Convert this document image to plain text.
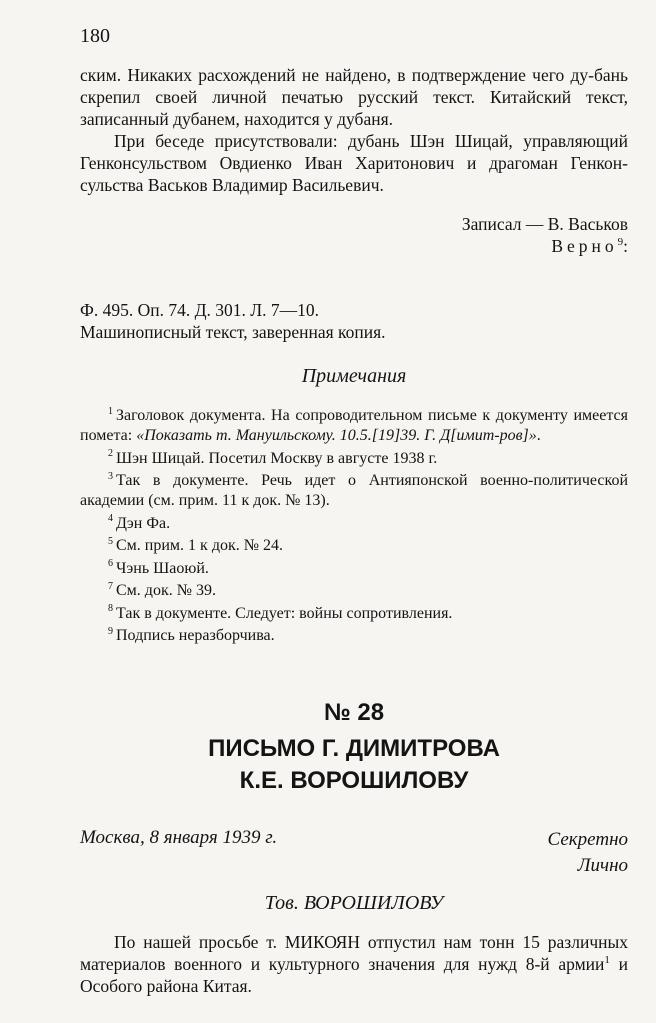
180

ским. Никаких расхождений не найдено, в подтверждение чего ду-бань скрепил своей личной печатью русский текст. Китайский текст, записанный дубанем, находится у дубаня.

При беседе присутствовали: дубань Шэн Шицай, управляющий Генконсульством Овдиенко Иван Харитонович и драгоман Генкон-сульства Васьков Владимир Васильевич.

Записал — В. Васьков
Верно$^9$:
Ф. 495. Оп. 74. Д. 301. Л. 7—10.
Машинописный текст, заверенная копия.
Примечания

$^1$ Заголовок документа. На сопроводительном письме к документу имеется помета: «Показать т. Мануильскому. 10.5.[19]39. Г. Д[имит-ров]».

$^2$ Шэн Шицай. Посетил Москву в августе 1938 г.

$^3$ Так в документе. Речь идет о Антияпонской военно-политической академии (см. прим. 11 к док. № 13).

$^4$ Дэн Фа.

$^5$ См. прим. 1 к док. № 24.

$^6$ Чэнь Шаоюй.

$^7$ См. док. № 39.

$^8$ Так в документе. Следует: войны сопротивления.

$^9$ Подпись неразборчива.

№ 28
ПИСЬМО Г. ДИМИТРОВА
К.Е. ВОРОШИЛОВУ
Москва, 8 января 1939 г.	Секретно
Лично
Тов. ВОРОШИЛОВУ

По нашей просьбе т. МИКОЯН отпустил нам тонн 15 различных материалов военного и культурного значения для нужд 8-й армии$^1$ и Особого района Китая.
